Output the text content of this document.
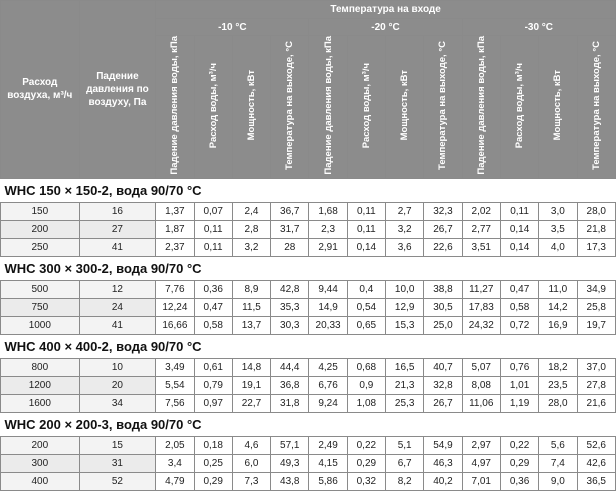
Расход воздуха, м³/ч	Падение давления по воздуху, Па	Температура на входе											
		-10 °C				-20 °C				-30 °C			
		Падение давления воды, кПа	Расход воды, м³/ч	Мощность, кВт	Температура на выходе, °C	Падение давления воды, кПа	Расход воды, м³/ч	Мощность, кВт	Температура на выходе, °C	Падение давления воды, кПа	Расход воды, м³/ч	Мощность, кВт	Температура на выходе, °C
WHC 150 × 150-2, вода 90/70 °C													
150	16	1,37	0,07	2,4	36,7	1,68	0,11	2,7	32,3	2,02	0,11	3,0	28,0
200	27	1,87	0,11	2,8	31,7	2,3	0,11	3,2	26,7	2,77	0,14	3,5	21,8
250	41	2,37	0,11	3,2	28	2,91	0,14	3,6	22,6	3,51	0,14	4,0	17,3
WHC 300 × 300-2, вода 90/70 °C													
500	12	7,76	0,36	8,9	42,8	9,44	0,4	10,0	38,8	11,27	0,47	11,0	34,9
750	24	12,24	0,47	11,5	35,3	14,9	0,54	12,9	30,5	17,83	0,58	14,2	25,8
1000	41	16,66	0,58	13,7	30,3	20,33	0,65	15,3	25,0	24,32	0,72	16,9	19,7
WHC 400 × 400-2, вода 90/70 °C													
800	10	3,49	0,61	14,8	44,4	4,25	0,68	16,5	40,7	5,07	0,76	18,2	37,0
1200	20	5,54	0,79	19,1	36,8	6,76	0,9	21,3	32,8	8,08	1,01	23,5	27,8
1600	34	7,56	0,97	22,7	31,8	9,24	1,08	25,3	26,7	11,06	1,19	28,0	21,6
WHC 200 × 200-3, вода 90/70 °C													
200	15	2,05	0,18	4,6	57,1	2,49	0,22	5,1	54,9	2,97	0,22	5,6	52,6
300	31	3,4	0,25	6,0	49,3	4,15	0,29	6,7	46,3	4,97	0,29	7,4	42,6
400	52	4,79	0,29	7,3	43,8	5,86	0,32	8,2	40,2	7,01	0,36	9,0	36,5
